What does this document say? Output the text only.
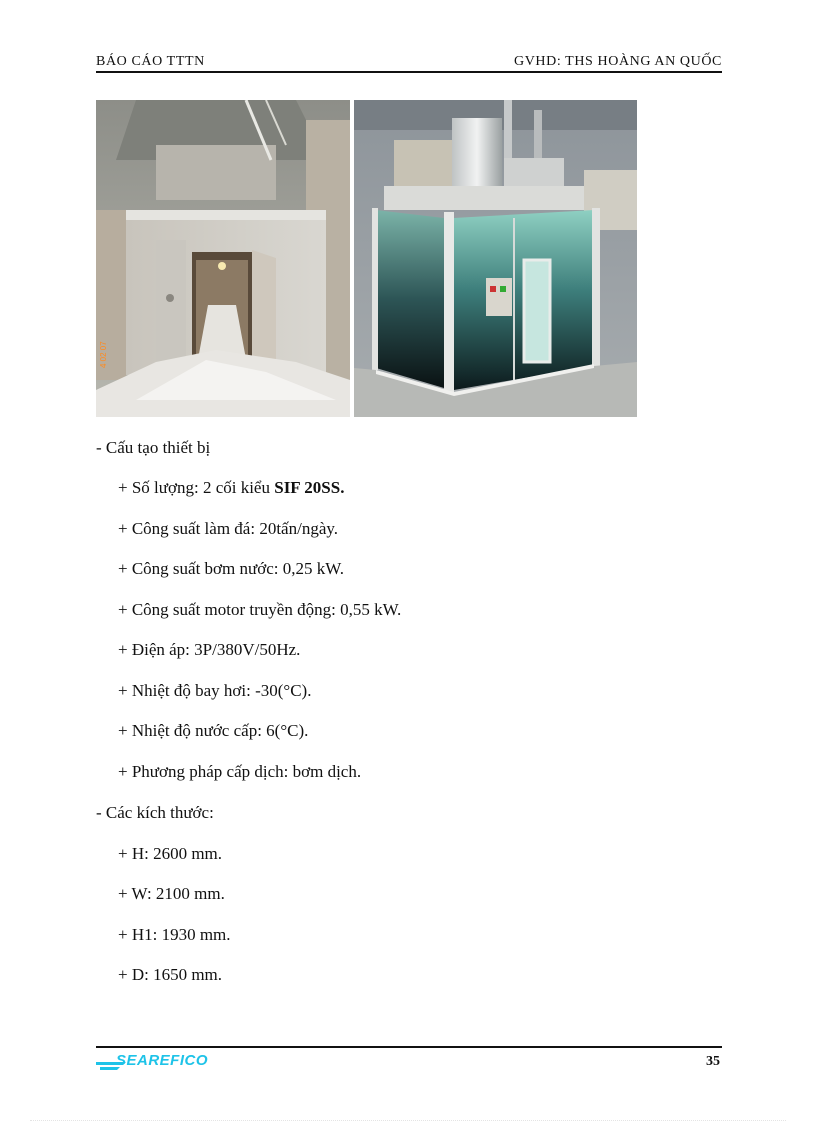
BÁO CÁO TTTN	GVHD: THS HOÀNG AN QUỐC
4 02 07
- Cấu tạo thiết bị
+ Số lượng: 2 cối kiểu SIF 20SS.
+ Công suất làm đá: 20tấn/ngày.
+ Công suất bơm nước: 0,25 kW.
+ Công suất motor truyền động: 0,55 kW.
+ Điện áp: 3P/380V/50Hz.
+ Nhiệt độ bay hơi: -30(°C).
+ Nhiệt độ nước cấp: 6(°C).
+ Phương pháp cấp dịch: bơm dịch.
- Các kích thước:
+ H: 2600 mm.
+ W: 2100 mm.
+ H1: 1930 mm.
+ D: 1650 mm.
SEAREFICO	35
